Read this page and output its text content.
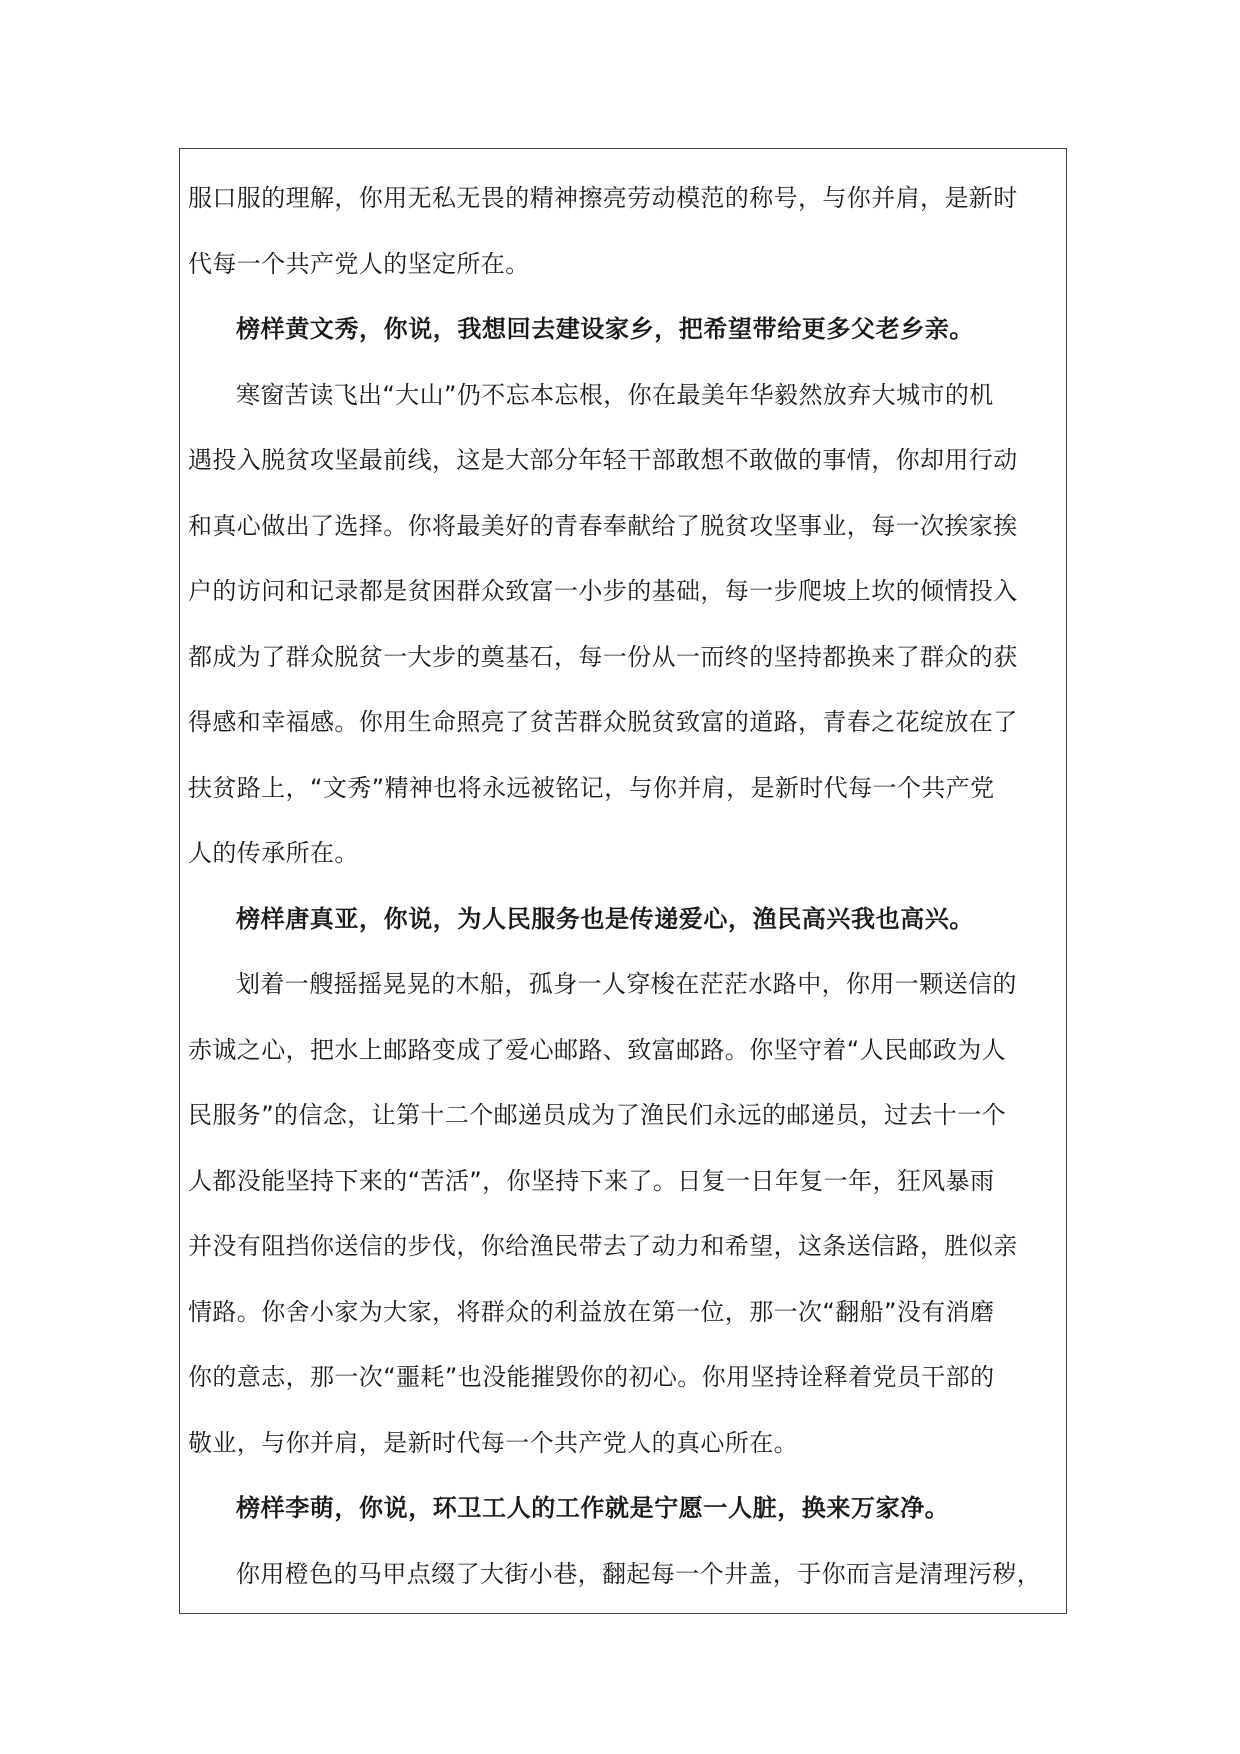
服口服的理解，你用无私无畏的精神擦亮劳动模范的称号，与你并肩，是新时
代每一个共产党人的坚定所在。
榜样黄文秀，你说，我想回去建设家乡，把希望带给更多父老乡亲。
寒窗苦读飞出“大山”仍不忘本忘根，你在最美年华毅然放弃大城市的机
遇投入脱贫攻坚最前线，这是大部分年轻干部敢想不敢做的事情，你却用行动
和真心做出了选择。你将最美好的青春奉献给了脱贫攻坚事业，每一次挨家挨
户的访问和记录都是贫困群众致富一小步的基础，每一步爬坡上坎的倾情投入
都成为了群众脱贫一大步的奠基石，每一份从一而终的坚持都换来了群众的获
得感和幸福感。你用生命照亮了贫苦群众脱贫致富的道路，青春之花绽放在了
扶贫路上，“文秀”精神也将永远被铭记，与你并肩，是新时代每一个共产党
人的传承所在。
榜样唐真亚，你说，为人民服务也是传递爱心，渔民高兴我也高兴。
划着一艘摇摇晃晃的木船，孤身一人穿梭在茫茫水路中，你用一颗送信的
赤诚之心，把水上邮路变成了爱心邮路、致富邮路。你坚守着“人民邮政为人
民服务”的信念，让第十二个邮递员成为了渔民们永远的邮递员，过去十一个
人都没能坚持下来的“苦活”，你坚持下来了。日复一日年复一年，狂风暴雨
并没有阻挡你送信的步伐，你给渔民带去了动力和希望，这条送信路，胜似亲
情路。你舍小家为大家，将群众的利益放在第一位，那一次“翻船”没有消磨
你的意志，那一次“噩耗”也没能摧毁你的初心。你用坚持诠释着党员干部的
敬业，与你并肩，是新时代每一个共产党人的真心所在。
榜样李萌，你说，环卫工人的工作就是宁愿一人脏，换来万家净。
你用橙色的马甲点缀了大街小巷，翻起每一个井盖，于你而言是清理污秽，
